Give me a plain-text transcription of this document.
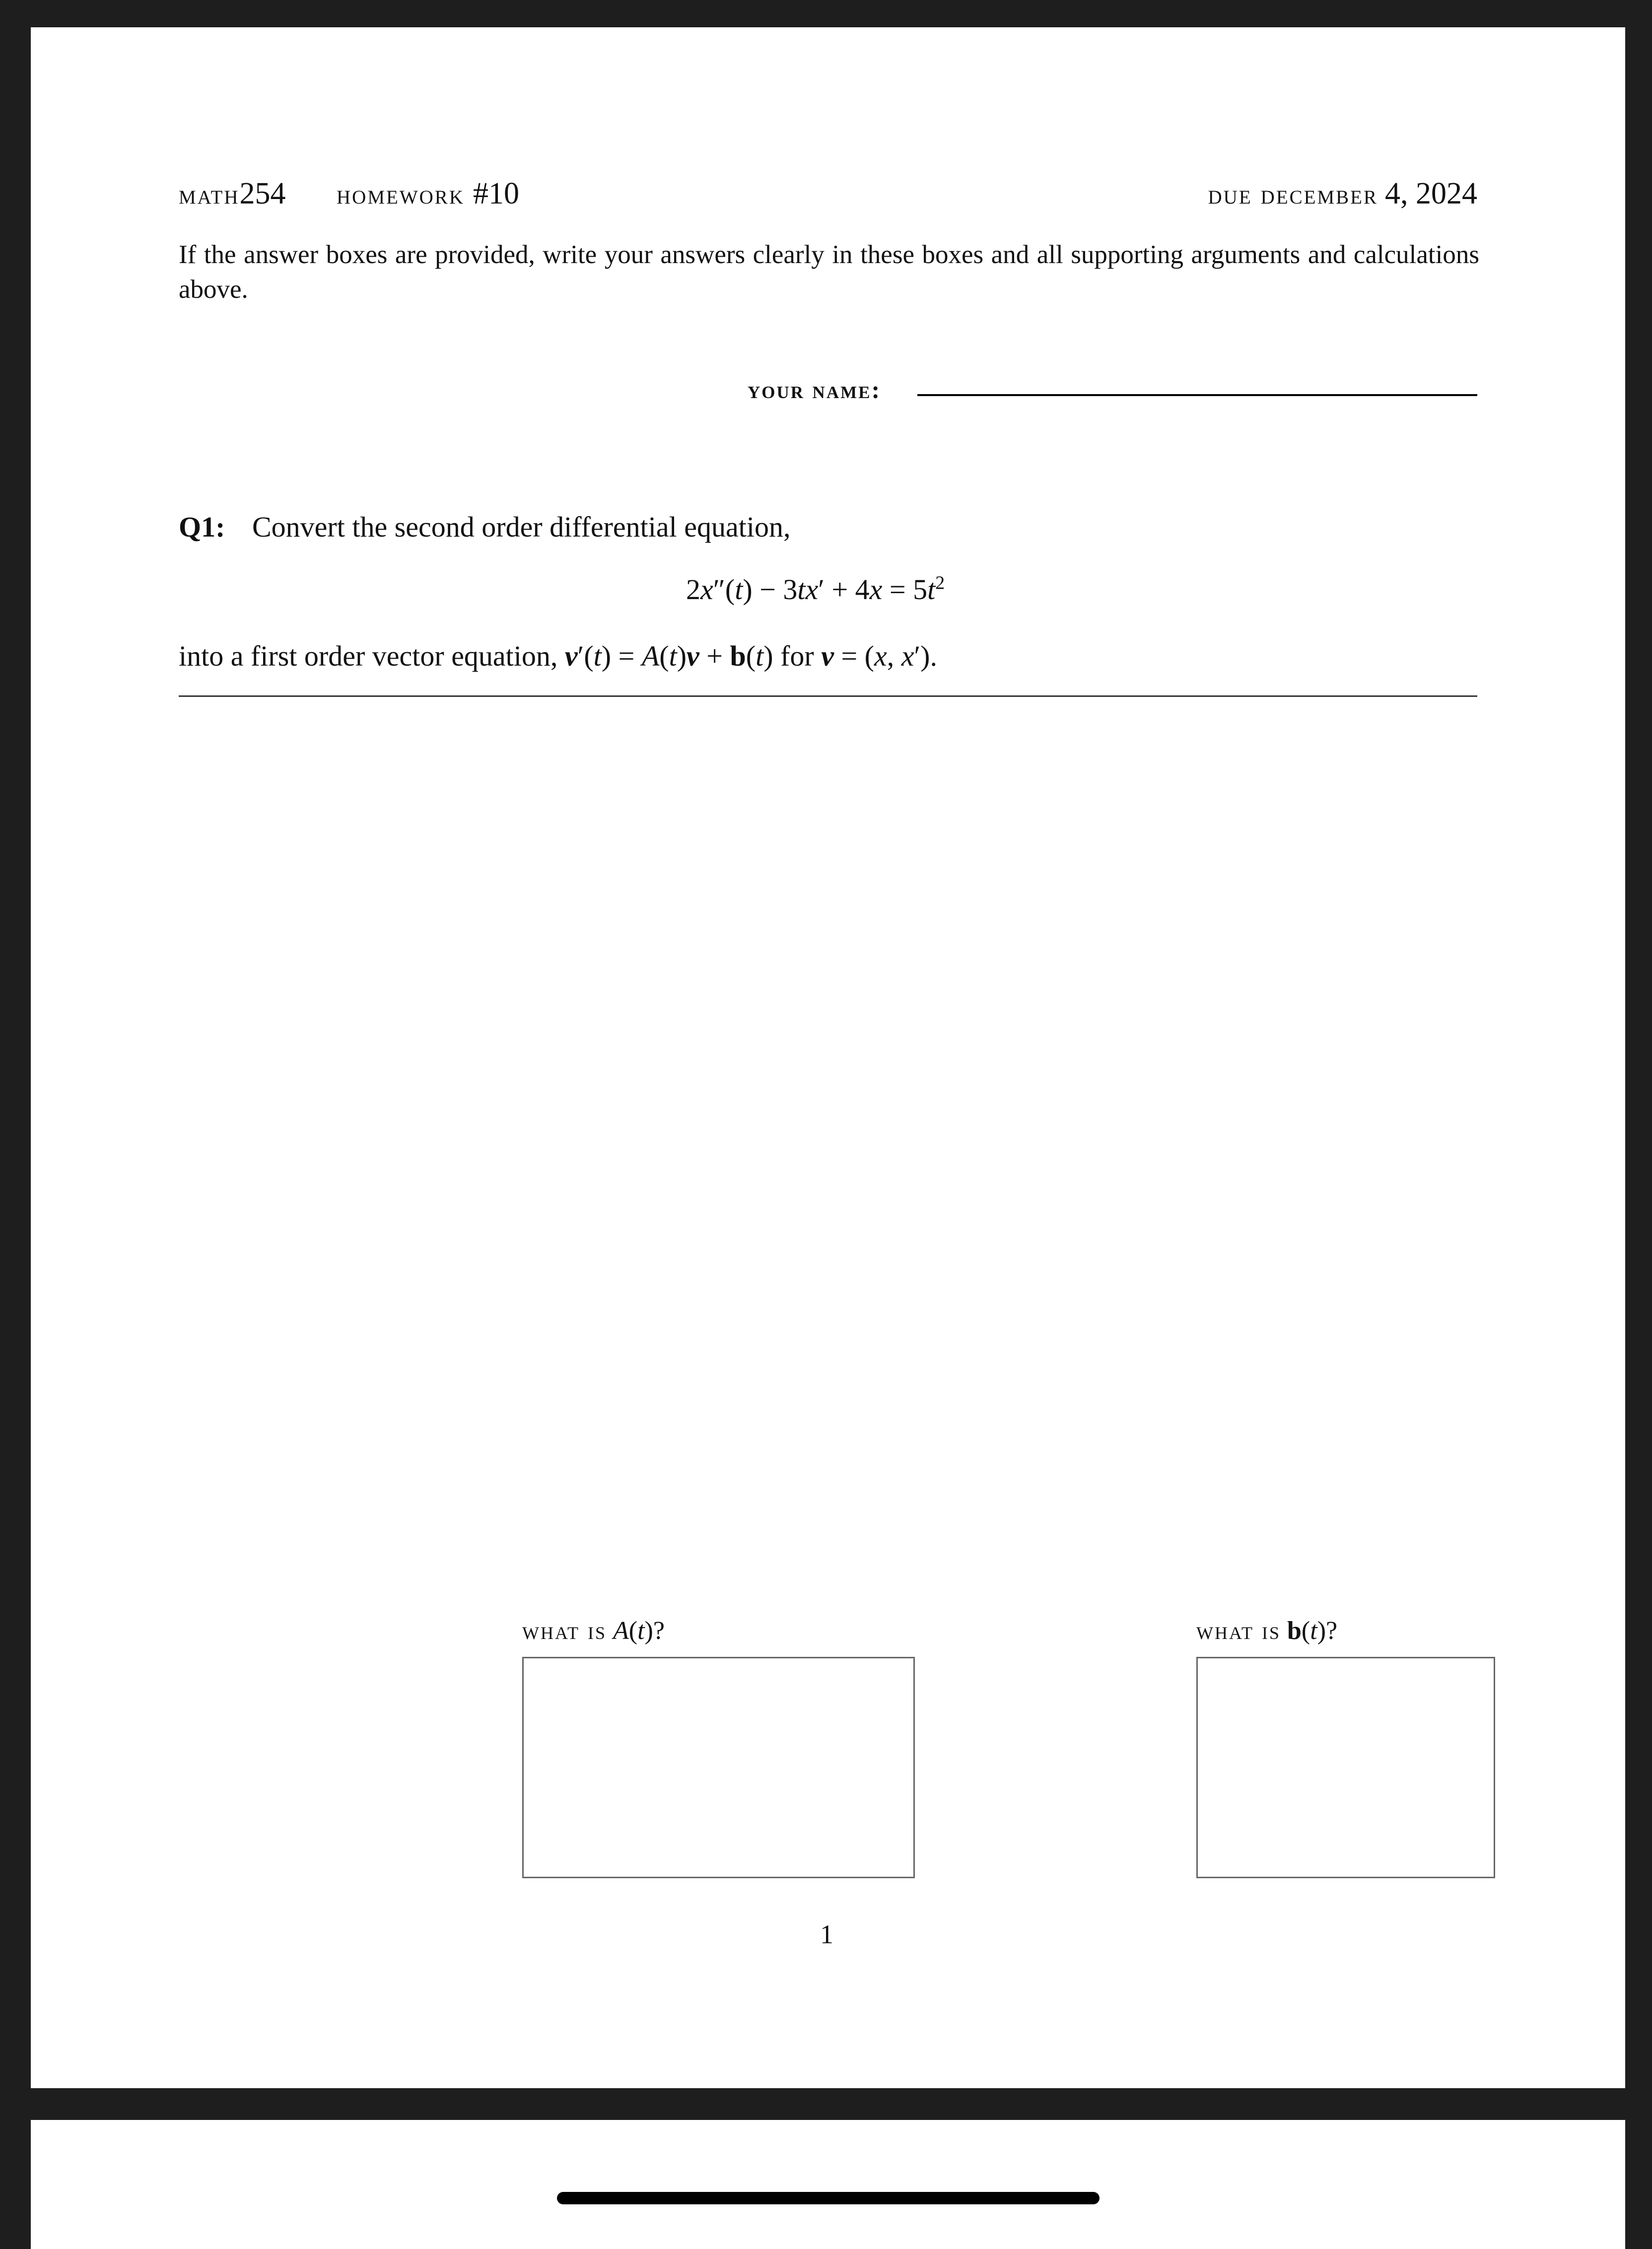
math254 homework #10	due december 4, 2024
If the answer boxes are provided, write your answers clearly in these boxes and all supporting arguments and calculations above.
your name:
Q1: Convert the second order differential equation,
$2x''(t) - 3tx' + 4x = 5t^2$
into a first order vector equation, v′(t) = A(t)v + b(t) for v = (x, x′).
what is A(t)?	what is b(t)?
1
